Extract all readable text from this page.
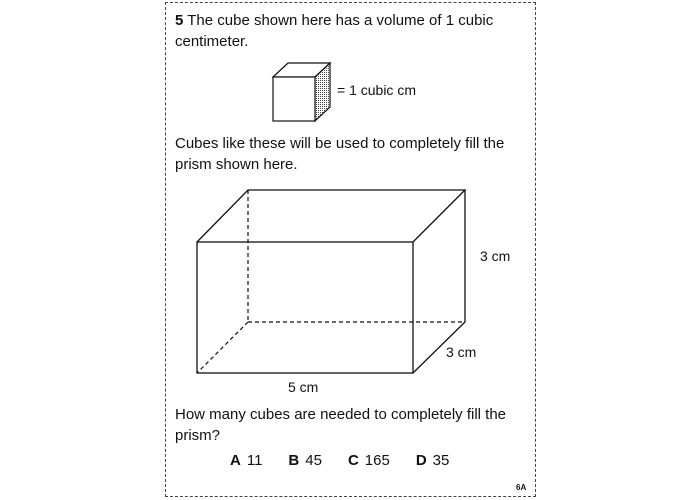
5 The cube shown here has a volume of 1 cubic
centimeter.

= 1 cubic cm

Cubes like these will be used to completely fill the
prism shown here.

3 cm
3 cm
5 cm

How many cubes are needed to completely fill the
prism?

A 11 B 45 C 165 D 35
6A
